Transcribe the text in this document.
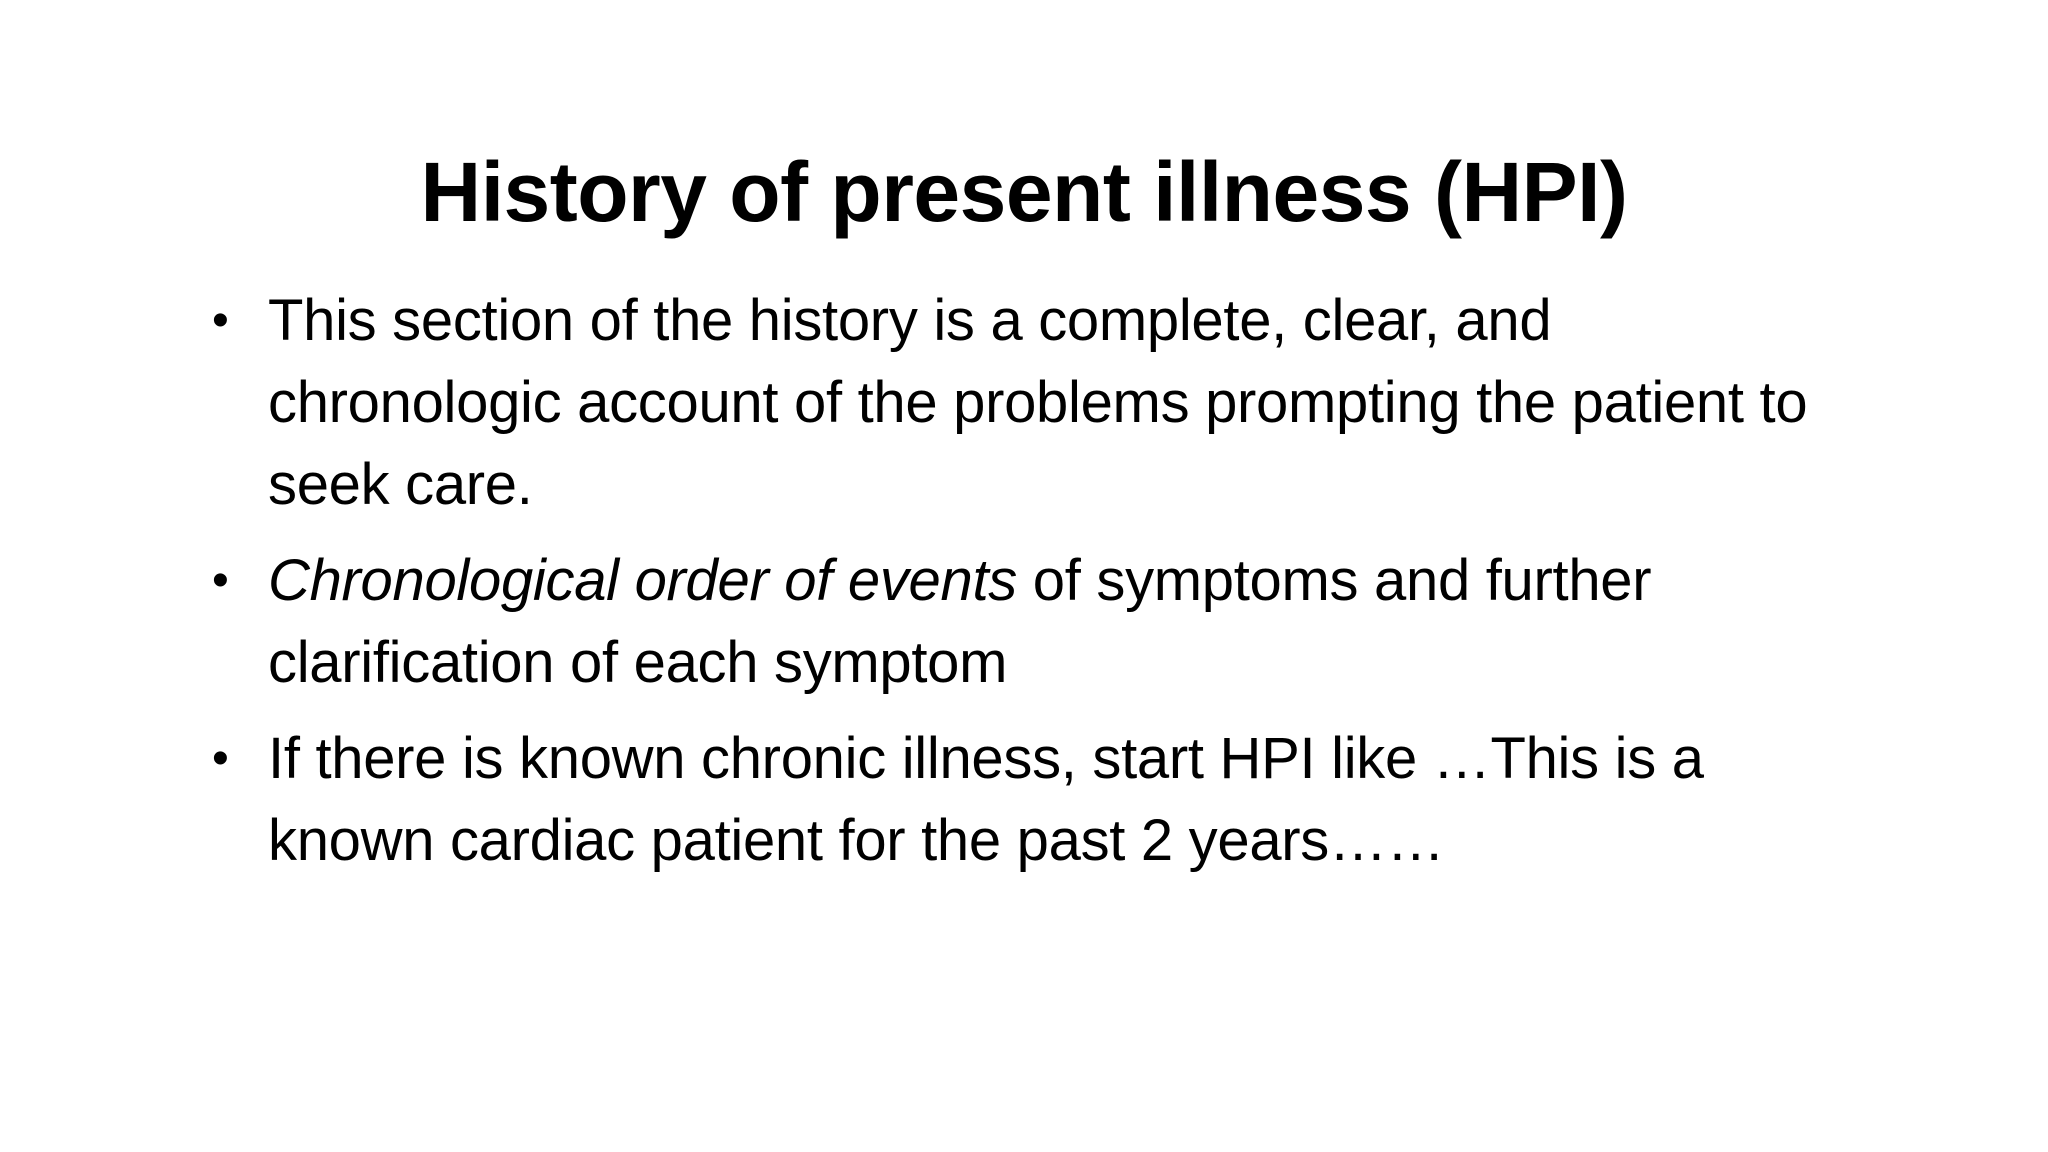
History of present illness (HPI)
• This section of the history is a complete, clear, and chronologic account of the problems prompting the patient to seek care.
• Chronological order of events of symptoms and further clarification of each symptom
• If there is known chronic illness, start HPI like …This is a known cardiac patient for the past 2 years……
